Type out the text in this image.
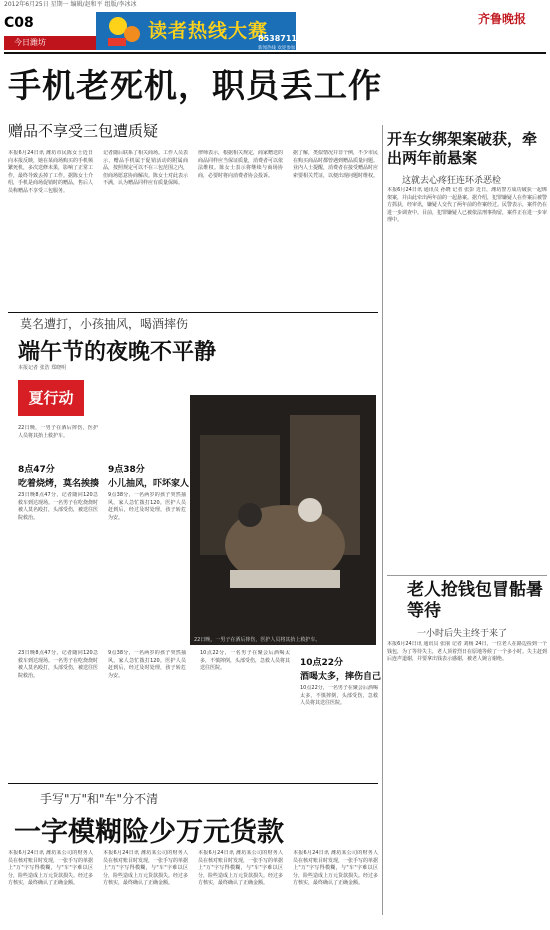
2012年6月25日 星期一 编辑/赵和平 组版/李冰冰
C08
今日潍坊
读者热线大赛
8538711 8073110
新闻热线 欢迎参加
齐鲁晚报
手机老死机，职员丢工作
赠品不享受三包遭质疑
本报6月24日讯 潍坊市民陈女士近日向本报反映，她在某商场购买的手机频繁死机，多次送修未果，影响了正常工作，最终导致丢掉了工作。据陈女士介绍，手机是商场促销时的赠品，售后人员称赠品不享受三包服务。
记者随后联系了相关商场。工作人员表示，赠品手机属于促销活动的附属商品，按照规定可以不在三包范围之内，但商场愿意协商解决。陈女士对此表示不满，认为赠品同样应有质量保障。
律师表示，根据相关规定，商家赠送的商品同样应当保证质量，消费者可以依法维权。陈女士表示将继续与商场协商，必要时将向消费者协会投诉。
据了解，类似情况并非个例，不少市民在购买商品时都曾遇到赠品质量问题。业内人士提醒，消费者在接受赠品时应索要相关凭证，以便出现问题时维权。
开车女绑架案破获，牵出两年前悬案
这就去心疼狂连环杀恶检
本报6月24日讯 通讯员 孙晓 记者 张彭 近日，潍坊警方成功破获一起绑架案，并由此牵出两年前的一起悬案。据介绍，犯罪嫌疑人在作案后被警方抓获，经审讯，嫌疑人交代了两年前的作案经过。民警表示，案件仍在进一步调查中。目前，犯罪嫌疑人已被依法刑事拘留，案件正在进一步审理中。
老人抢钱包冒骷暑等待
一小时后失主终于来了
本报6月24日讯 通讯员 张丽 记者 刘杨 24日，一位老人在路边捡到一个钱包，为了等待失主，老人顶着烈日在原地等候了一个多小时。失主赶到后连声道谢，并要拿出钱表示感谢，被老人婉言谢绝。
莫名遭打，小孩抽风，喝酒摔伤
端午节的夜晚不平静
本报记者 张浩 郑晓明
夏行动
22日晚，一男子在酒后摔伤，医护人员将其抬上救护车。
8点47分
吃着烧烤，莫名挨揍
23日晚8点47分，记者随同120急救车到达现场。一名男子在吃烧烧时被人莫名殴打，头部受伤，被送往医院救治。
9点38分
小儿抽风，吓坏家人
9点38分，一名两岁的孩子突然抽风，家人急忙拨打120。医护人员赶到后，经过及时处理，孩子转危为安。
22日晚，一男子在酒后摔伤，医护人员将其抬上救护车。
10点22分
酒喝太多，摔伤自己
10点22分，一名男子在聚会后酒喝太多，不慎摔倒，头部受伤，急救人员将其送往医院。
23日晚8点47分，记者随同120急救车到达现场。一名男子在吃烧烧时被人莫名殴打，头部受伤，被送往医院救治。
9点38分，一名两岁的孩子突然抽风，家人急忙拨打120。医护人员赶到后，经过及时处理，孩子转危为安。
10点22分，一名男子在聚会后酒喝太多，不慎摔倒，头部受伤，急救人员将其送往医院。
手写"万"和"车"分不清
一字模糊险少万元货款
本报6月24日讯 潍坊某公司的财务人员在核对账目时发现，一张手写的单据上"万"字写得模糊，与"车"字难以区分，险些造成上万元货款损失。经过多方核实，最终确认了正确金额。
本报6月24日讯 潍坊某公司的财务人员在核对账目时发现，一张手写的单据上"万"字写得模糊，与"车"字难以区分，险些造成上万元货款损失。经过多方核实，最终确认了正确金额。
本报6月24日讯 潍坊某公司的财务人员在核对账目时发现，一张手写的单据上"万"字写得模糊，与"车"字难以区分，险些造成上万元货款损失。经过多方核实，最终确认了正确金额。
本报6月24日讯 潍坊某公司的财务人员在核对账目时发现，一张手写的单据上"万"字写得模糊，与"车"字难以区分，险些造成上万元货款损失。经过多方核实，最终确认了正确金额。
